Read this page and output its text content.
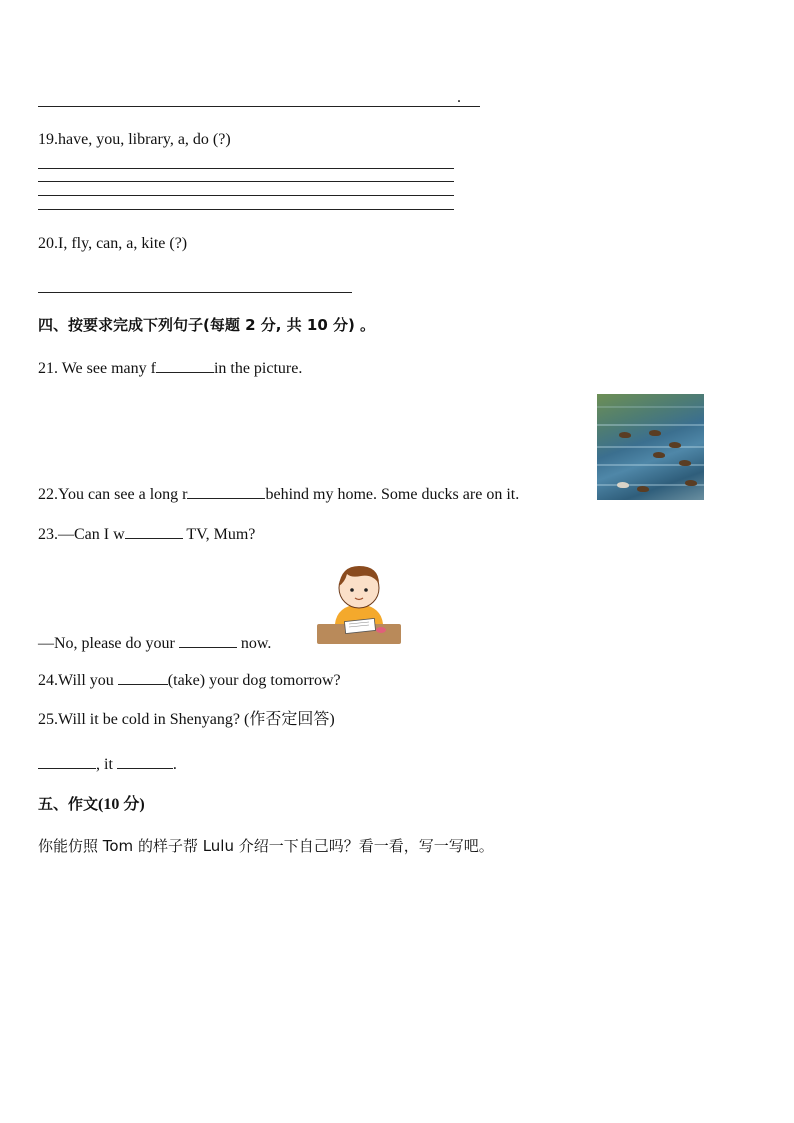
.
19.have, you, library, a, do (?)
20.I, fly, can, a, kite (?)
四、按要求完成下列句子(每题 2 分, 共 10 分) 。
21. We see many f	in the picture.
22.You can see a long r	behind my home. Some ducks are on it.
23.—Can I w	TV, Mum?
—No, please do your	now.
24.Will you	(take) your dog tomorrow?
25.Will it be cold in Shenyang? (作否定回答)
, it	.
五、作文(10 分)
你能仿照 Tom 的样子帮 Lulu 介绍一下自己吗？看一看，写一写吧。
